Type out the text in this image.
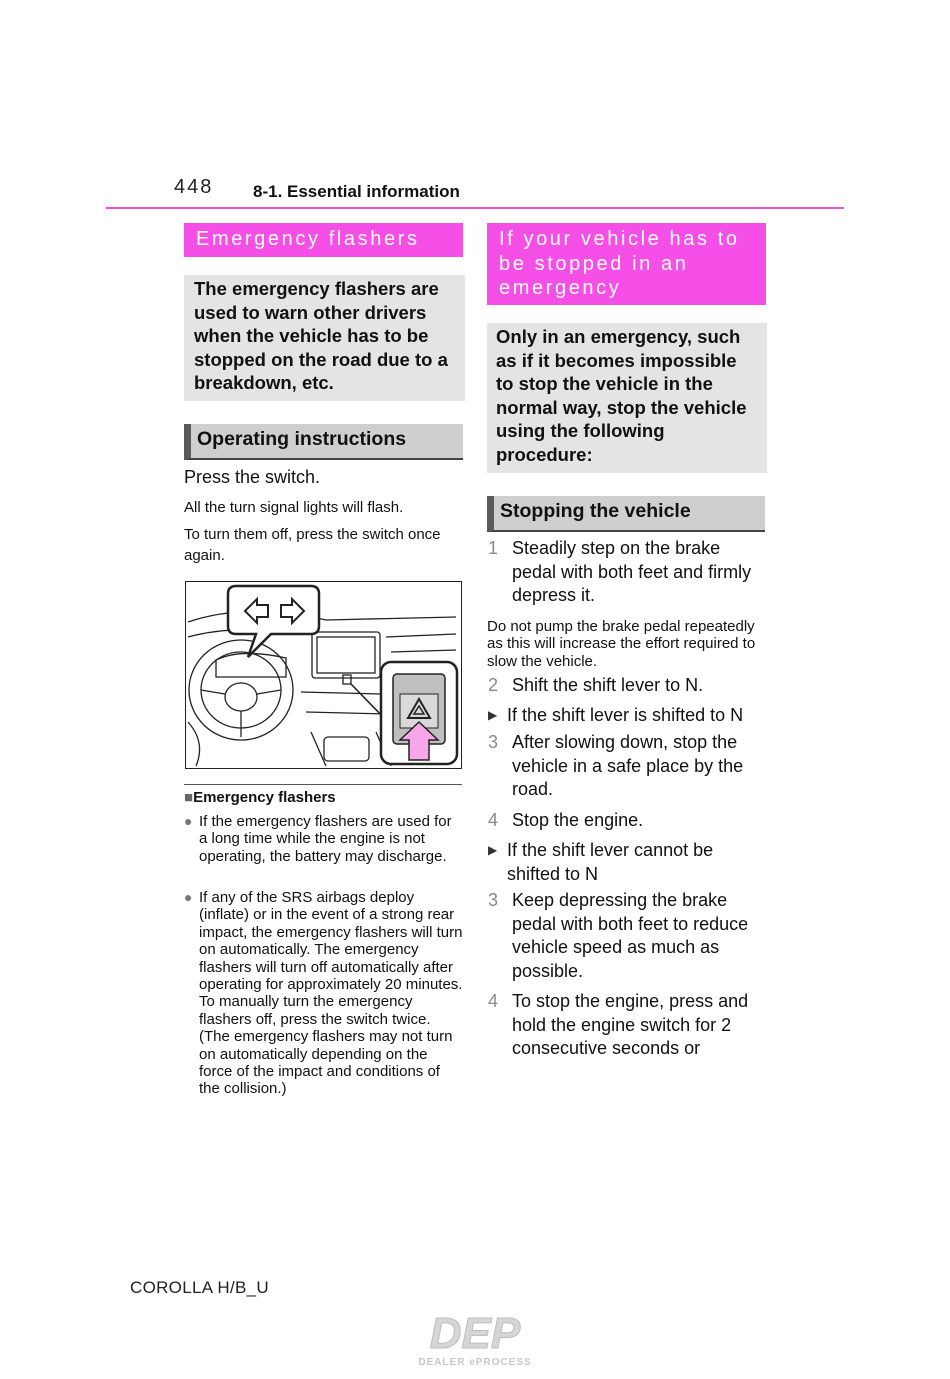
448 8-1. Essential information
Emergency flashers
The emergency flashers are used to warn other drivers when the vehicle has to be stopped on the road due to a breakdown, etc.
Operating instructions
Press the switch.
All the turn signal lights will flash.
To turn them off, press the switch once again.
■Emergency flashers
● If the emergency flashers are used for a long time while the engine is not operating, the battery may discharge.
● If any of the SRS airbags deploy (inflate) or in the event of a strong rear impact, the emergency flashers will turn on automatically. The emergency flashers will turn off automatically after operating for approximately 20 minutes. To manually turn the emergency flashers off, press the switch twice. (The emergency flashers may not turn on automatically depending on the force of the impact and conditions of the collision.)
If your vehicle has to be stopped in an emergency
Only in an emergency, such as if it becomes impossible to stop the vehicle in the normal way, stop the vehicle using the following procedure:
Stopping the vehicle
1 Steadily step on the brake pedal with both feet and firmly depress it.
Do not pump the brake pedal repeatedly as this will increase the effort required to slow the vehicle.
2 Shift the shift lever to N.
▶ If the shift lever is shifted to N
3 After slowing down, stop the vehicle in a safe place by the road.
4 Stop the engine.
▶ If the shift lever cannot be shifted to N
3 Keep depressing the brake pedal with both feet to reduce vehicle speed as much as possible.
4 To stop the engine, press and hold the engine switch for 2 consecutive seconds or
COROLLA H/B_U
DEP
DEALER ePROCESS
